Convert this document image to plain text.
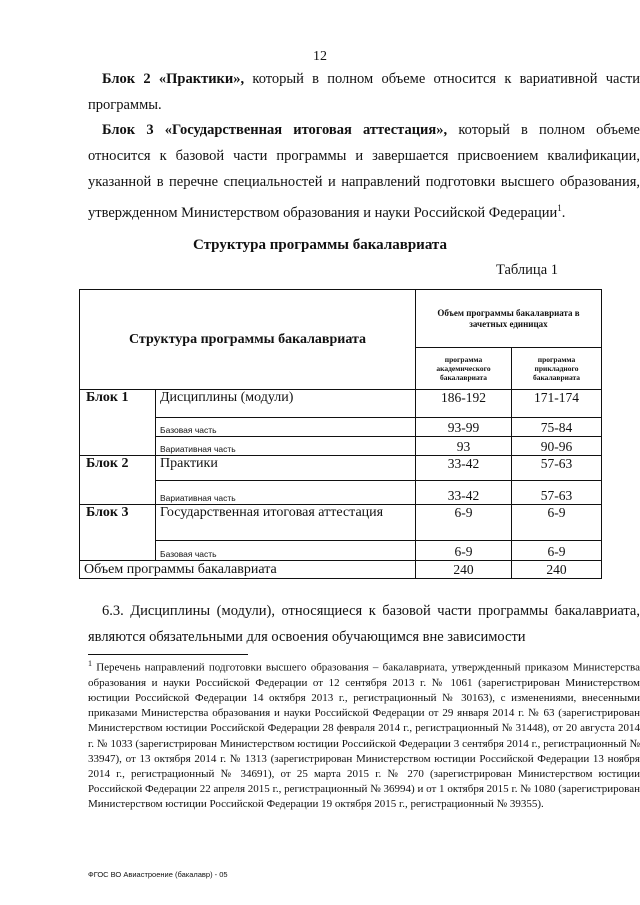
12
Блок 2 «Практики», который в полном объеме относится к вариативной части программы.
Блок 3 «Государственная итоговая аттестация», который в полном объеме относится к базовой части программы и завершается присвоением квалификации, указанной в перечне специальностей и направлений подготовки высшего образования, утвержденном Министерством образования и науки Российской Федерации$^1$.
Структура программы бакалавриата
Таблица 1
Структура программы бакалавриата		Объем программы бакалавриата в зачетных единицах	
		программа академического бакалавриата	программа прикладного бакалавриата
Блок 1	Дисциплины (модули)	186-192	171-174
	Базовая часть	93-99	75-84
	Вариативная часть	93	90-96
Блок 2	Практики	33-42	57-63
	Вариативная часть	33-42	57-63
Блок 3	Государственная итоговая аттестация	6-9	6-9
	Базовая часть	6-9	6-9
Объем программы бакалавриата		240	240
6.3. Дисциплины (модули), относящиеся к базовой части программы бакалавриата, являются обязательными для освоения обучающимся вне зависимости
$^1$ Перечень направлений подготовки высшего образования – бакалавриата, утвержденный приказом Министерства образования и науки Российской Федерации от 12 сентября 2013 г. № 1061 (зарегистрирован Министерством юстиции Российской Федерации 14 октября 2013 г., регистрационный № 30163), с изменениями, внесенными приказами Министерства образования и науки Российской Федерации от 29 января 2014 г. № 63 (зарегистрирован Министерством юстиции Российской Федерации 28 февраля 2014 г., регистрационный № 31448), от 20 августа 2014 г. № 1033 (зарегистрирован Министерством юстиции Российской Федерации 3 сентября 2014 г., регистрационный № 33947), от 13 октября 2014 г. № 1313 (зарегистрирован Министерством юстиции Российской Федерации 13 ноября 2014 г., регистрационный № 34691), от 25 марта 2015 г. № 270 (зарегистрирован Министерством юстиции Российской Федерации 22 апреля 2015 г., регистрационный № 36994) и от 1 октября 2015 г. № 1080 (зарегистрирован Министерством юстиции Российской Федерации 19 октября 2015 г., регистрационный № 39355).
ФГОС ВО Авиастроение (бакалавр) - 05
